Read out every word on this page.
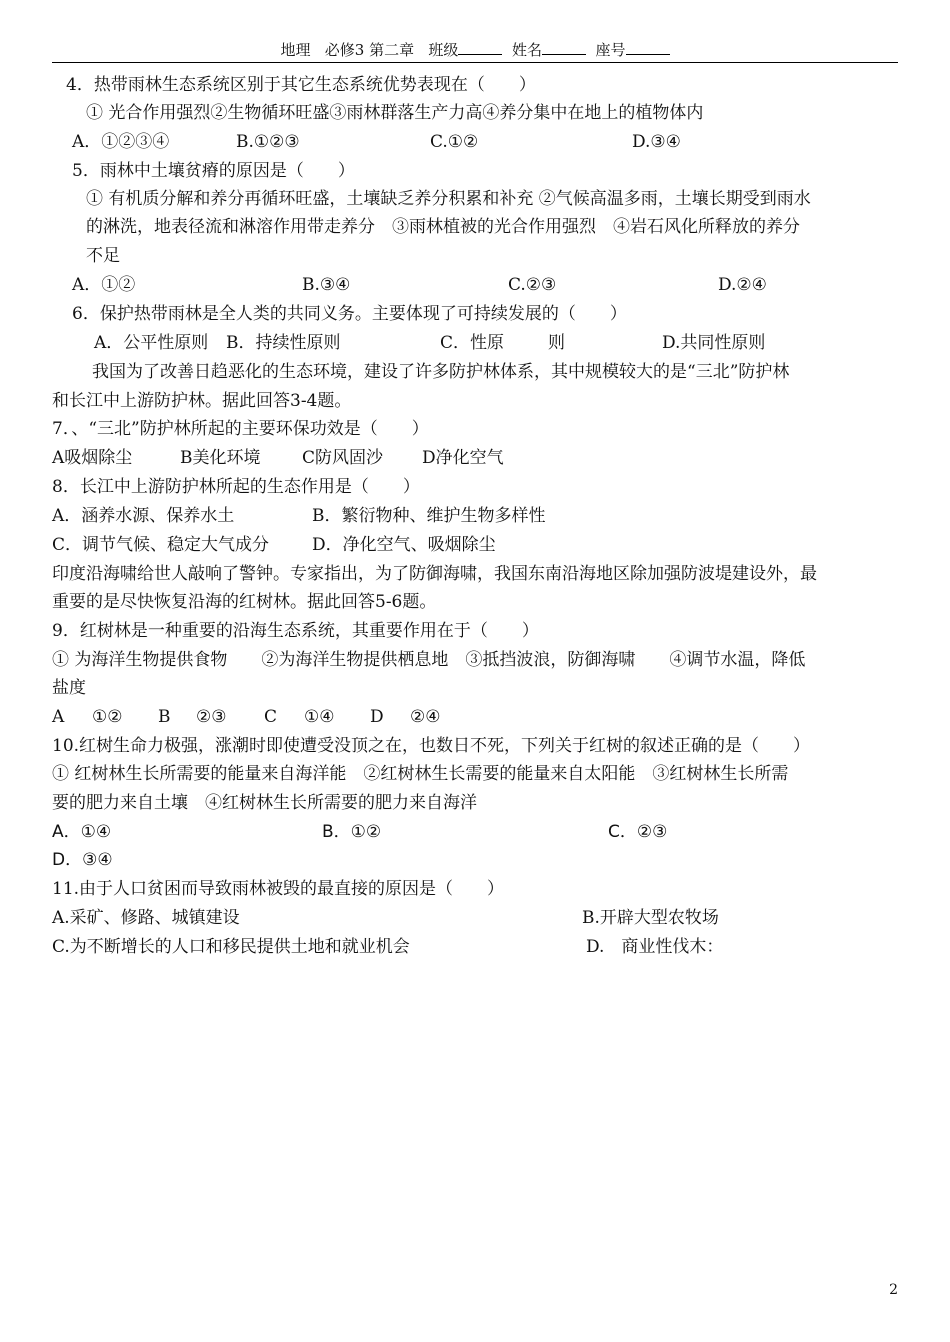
地理 必修3 第二章 班级	姓名	座号
4．热带雨林生态系统区别于其它生态系统优势表现在（　　）
① 光合作用强烈②生物循环旺盛③雨林群落生产力高④养分集中在地上的植物体内
A．①②③④	B.①②③	C.①②	D.③④
5．雨林中土壤贫瘠的原因是（　　）
① 有机质分解和养分再循环旺盛，土壤缺乏养分积累和补充 ②气候高温多雨，土壤长期受到雨水
的淋洗，地表径流和淋溶作用带走养分　③雨林植被的光合作用强烈　④岩石风化所释放的养分
不足
A．①②	B.③④	C.②③	D.②④
6．保护热带雨林是全人类的共同义务。主要体现了可持续发展的（　　）
A．公平性原则 B．持续性原则	C． 性原	则	D.共同性原则
我国为了改善日趋恶化的生态环境，建设了许多防护林体系，其中规模较大的是“三北”防护林
和长江中上游防护林。据此回答3-4题。
7．、“三北”防护林所起的主要环保功效是（　　）
A吸烟除尘	B美化环境 C防风固沙 D净化空气
8．长江中上游防护林所起的生态作用是（　　）
A．涵养水源、保养水土	B．繁衍物种、维护生物多样性
C．调节气候、稳定大气成分	D．净化空气、吸烟除尘
印度沿海啸给世人敲响了警钟。专家指出，为了防御海啸，我国东南沿海地区除加强防波堤建设外，最
重要的是尽快恢复沿海的红树林。据此回答5-6题。
9．红树林是一种重要的沿海生态系统，其重要作用在于（　　）
① 为海洋生物提供食物　　②为海洋生物提供栖息地　③抵挡波浪，防御海啸　　④调节水温，降低
盐度
A ①② B ②③ C ①④ D ②④
10.红树生命力极强，涨潮时即使遭受没顶之在，也数日不死，下列关于红树的叙述正确的是（　　）
① 红树林生长所需要的能量来自海洋能　②红树林生长需要的能量来自太阳能　③红树林生长所需
要的肥力来自土壤　④红树林生长所需要的肥力来自海洋
A．①④	B．①②	C．②③
D．③④
11.由于人口贫困而导致雨林被毁的最直接的原因是（　　）
A.采矿、修路、城镇建设	B.开辟大型农牧场
C.为不断增长的人口和移民提供土地和就业机会	D.　商业性伐木：
2
